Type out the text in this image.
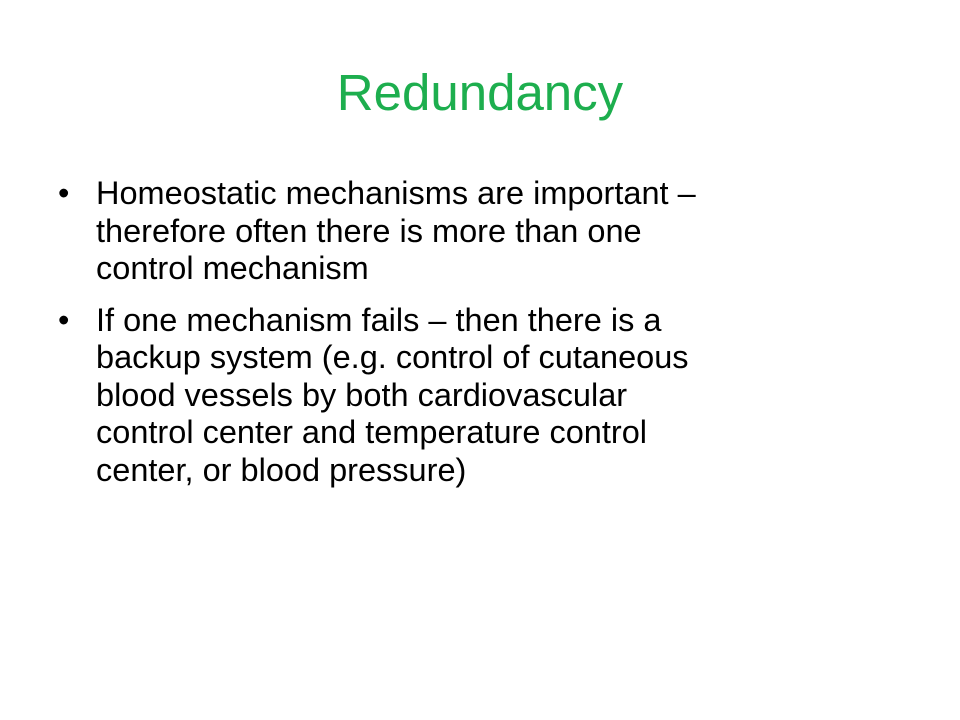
Redundancy
• Homeostatic mechanisms are important –
therefore often there is more than one
control mechanism
• If one mechanism fails – then there is a
backup system (e.g. control of cutaneous
blood vessels by both cardiovascular
control center and temperature control
center, or blood pressure)
